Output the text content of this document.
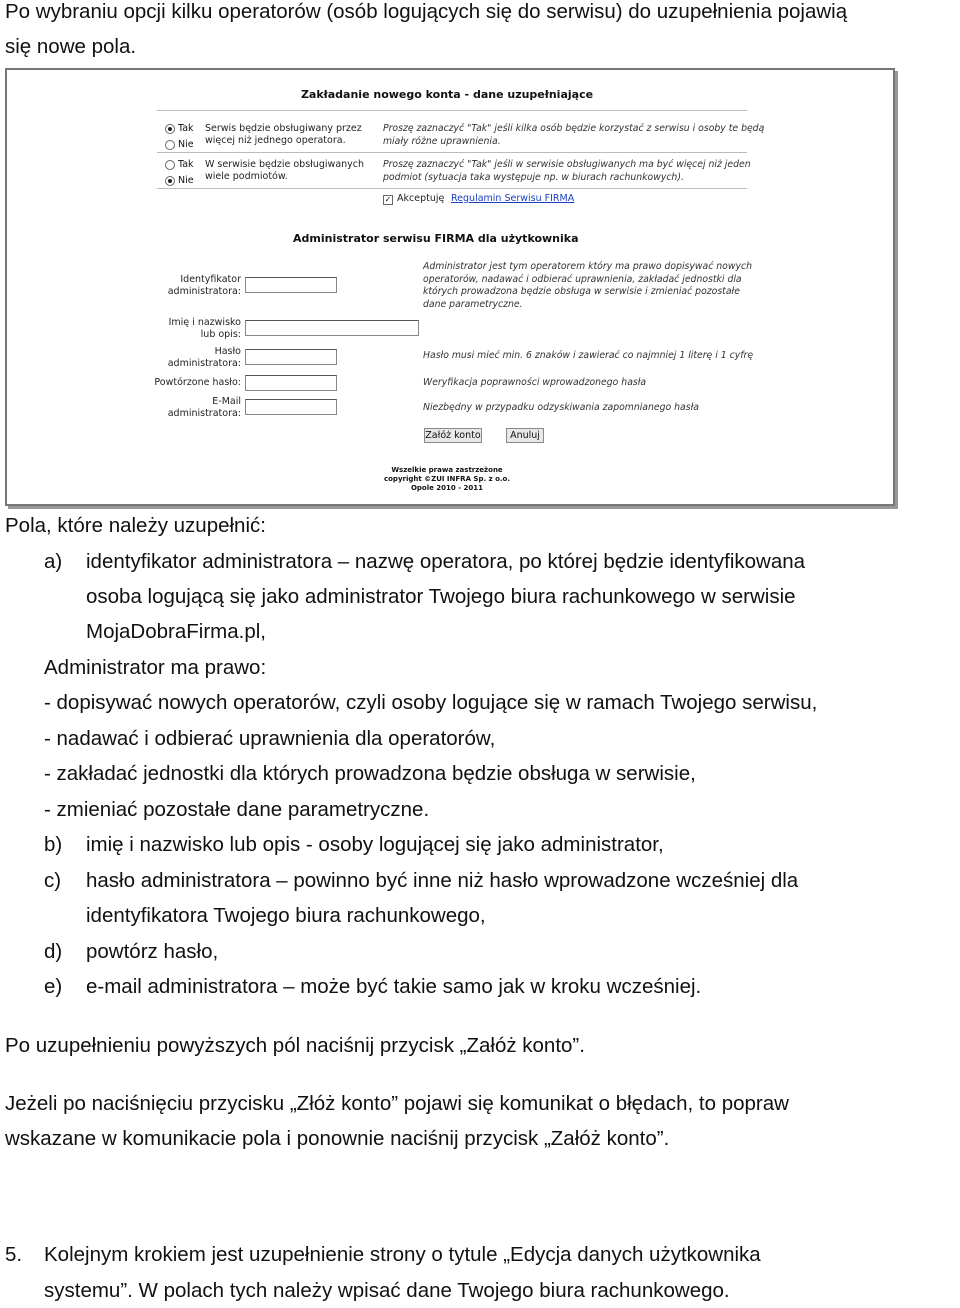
Po wybraniu opcji kilku operatorów (osób logujących się do serwisu) do uzupełnienia pojawią
się nowe pola.
Zakładanie nowego konta - dane uzupełniające
Tak
Nie
Serwis będzie obsługiwany przez
więcej niż jednego operatora.
Proszę zaznaczyć "Tak" jeśli kilka osób będzie korzystać z serwisu i osoby te będą
miały różne uprawnienia.
Tak
Nie
W serwisie będzie obsługiwanych
wiele podmiotów.
Proszę zaznaczyć "Tak" jeśli w serwisie obsługiwanych ma być więcej niż jeden
podmiot (sytuacja taka występuje np. w biurach rachunkowych).
✓ Akceptuję Regulamin Serwisu FIRMA
Administrator serwisu FIRMA dla użytkownika
Administrator jest tym operatorem który ma prawo dopisywać nowych
operatorów, nadawać i odbierać uprawnienia, zakładać jednostki dla
których prowadzona będzie obsługa w serwisie i zmieniać pozostałe
dane parametryczne.
Identyfikator
administratora:
Imię i nazwisko
lub opis:
Hasło
administratora:
Hasło musi mieć min. 6 znaków i zawierać co najmniej 1 literę i 1 cyfrę
Powtórzone hasło:	Weryfikacja poprawności wprowadzonego hasła
E-Mail
administratora:
Niezbędny w przypadku odzyskiwania zapomnianego hasła
Załóż konto	Anuluj
Wszelkie prawa zastrzeżone
copyright ©ZUI INFRA Sp. z o.o.
Opole 2010 - 2011
Pola, które należy uzupełnić:
a) identyfikator administratora – nazwę operatora, po której będzie identyfikowana
osoba logującą się jako administrator Twojego biura rachunkowego w serwisie
MojaDobraFirma.pl,
Administrator ma prawo:
- dopisywać nowych operatorów, czyli osoby logujące się w ramach Twojego serwisu,
- nadawać i odbierać uprawnienia dla operatorów,
- zakładać jednostki dla których prowadzona będzie obsługa w serwisie,
- zmieniać pozostałe dane parametryczne.
b) imię i nazwisko lub opis - osoby logującej się jako administrator,
c) hasło administratora – powinno być inne niż hasło wprowadzone wcześniej dla
identyfikatora Twojego biura rachunkowego,
d) powtórz hasło,
e) e-mail administratora – może być takie samo jak w kroku wcześniej.
Po uzupełnieniu powyższych pól naciśnij przycisk „Załóż konto”.
Jeżeli po naciśnięciu przycisku „Złóż konto” pojawi się komunikat o błędach, to popraw
wskazane w komunikacie pola i ponownie naciśnij przycisk „Załóż konto”.
5. Kolejnym krokiem jest uzupełnienie strony o tytule „Edycja danych użytkownika
systemu”. W polach tych należy wpisać dane Twojego biura rachunkowego.
